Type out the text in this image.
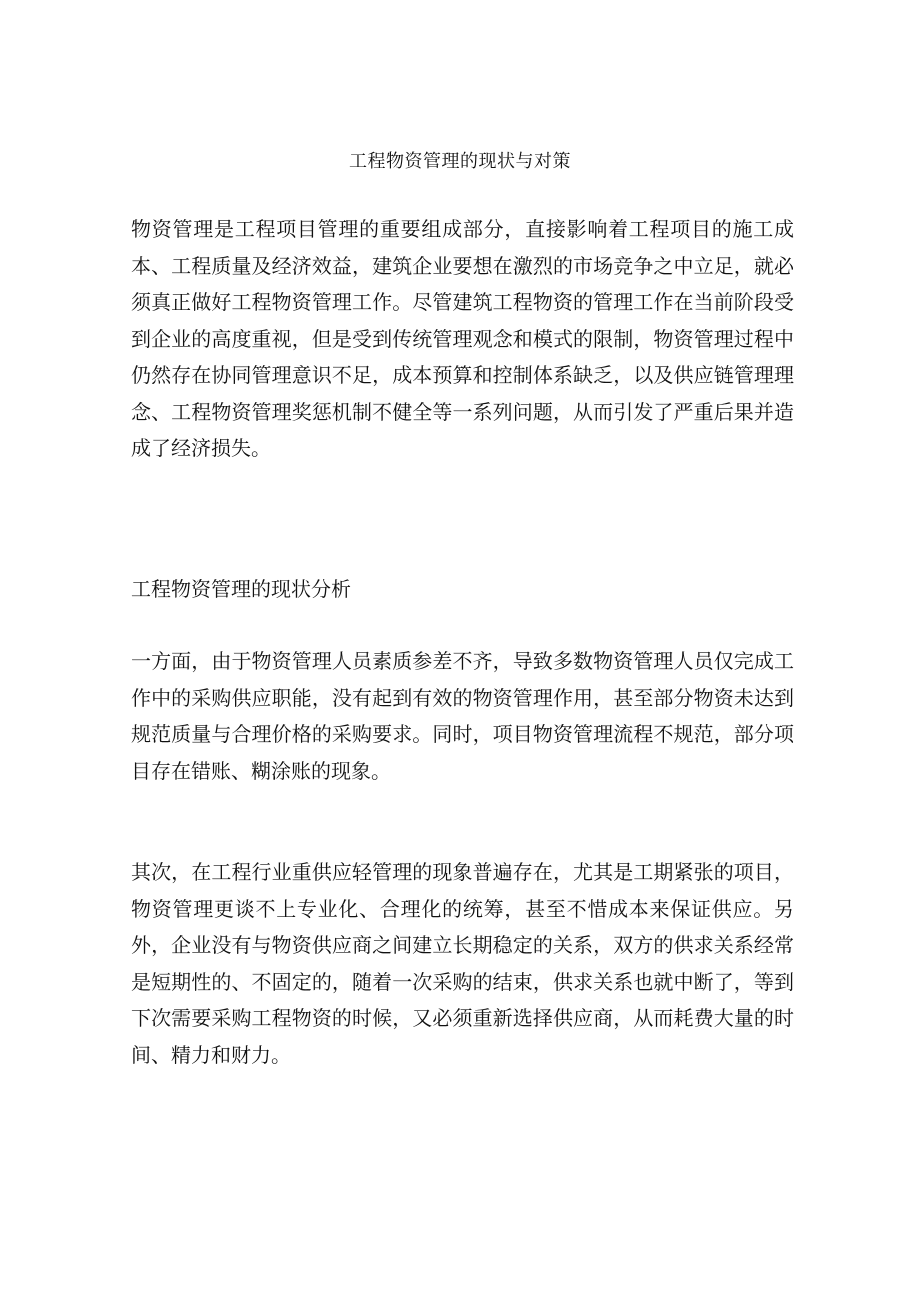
工程物资管理的现状与对策

物资管理是工程项目管理的重要组成部分，直接影响着工程项目的施工成本、工程质量及经济效益，建筑企业要想在激烈的市场竞争之中立足，就必须真正做好工程物资管理工作。尽管建筑工程物资的管理工作在当前阶段受到企业的高度重视，但是受到传统管理观念和模式的限制，物资管理过程中仍然存在协同管理意识不足，成本预算和控制体系缺乏，以及供应链管理理念、工程物资管理奖惩机制不健全等一系列问题，从而引发了严重后果并造成了经济损失。

工程物资管理的现状分析

一方面，由于物资管理人员素质参差不齐，导致多数物资管理人员仅完成工作中的采购供应职能，没有起到有效的物资管理作用，甚至部分物资未达到规范质量与合理价格的采购要求。同时，项目物资管理流程不规范，部分项目存在错账、糊涂账的现象。

其次，在工程行业重供应轻管理的现象普遍存在，尤其是工期紧张的项目，物资管理更谈不上专业化、合理化的统筹，甚至不惜成本来保证供应。另外，企业没有与物资供应商之间建立长期稳定的关系，双方的供求关系经常是短期性的、不固定的，随着一次采购的结束，供求关系也就中断了，等到下次需要采购工程物资的时候，又必须重新选择供应商，从而耗费大量的时间、精力和财力。
